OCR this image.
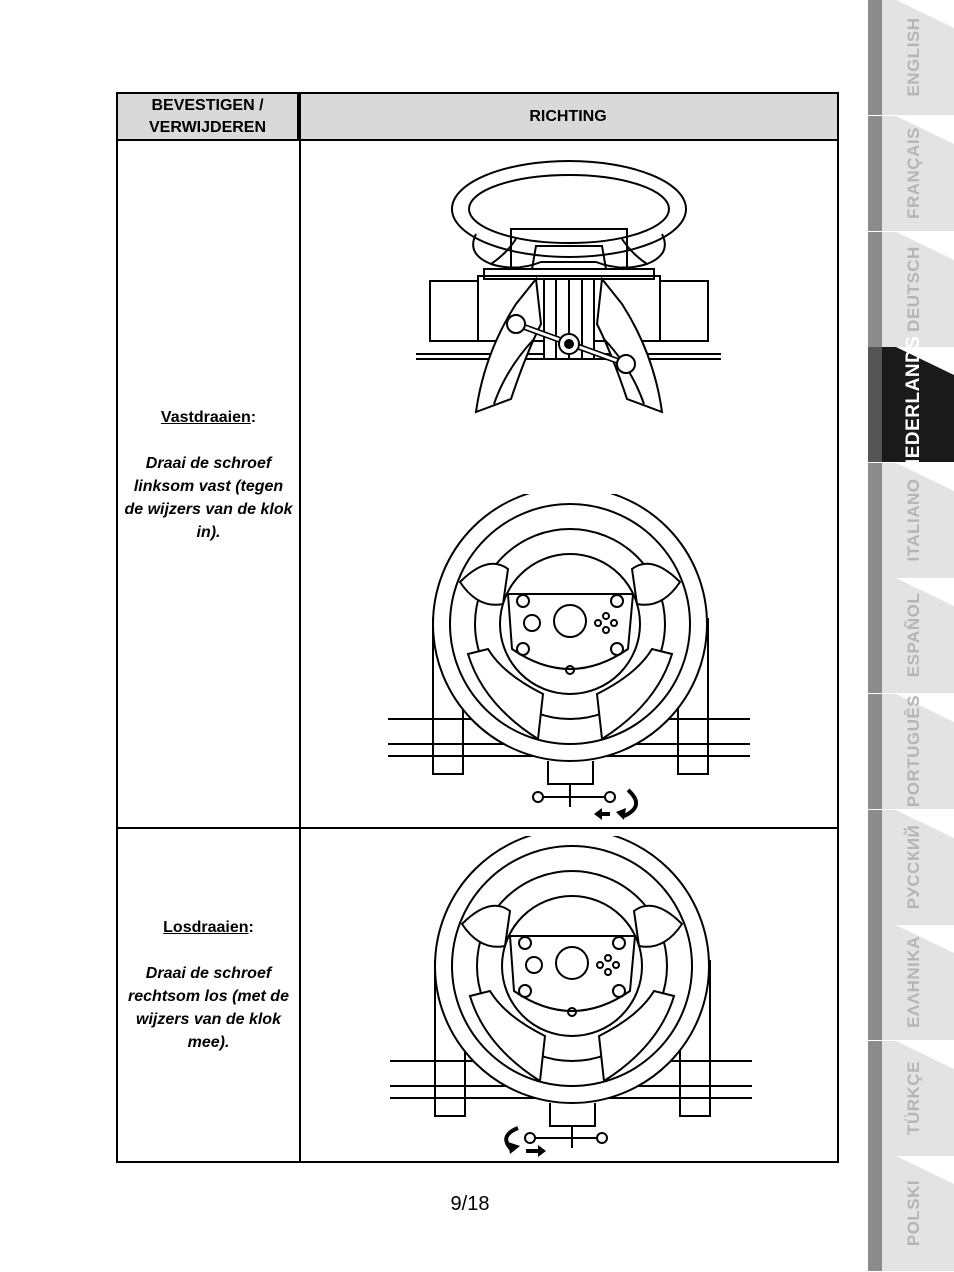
BEVESTIGEN / VERWIJDEREN
RICHTING
Vastdraaien:
Draai de schroef linksom vast (tegen de wijzers van de klok in).
Losdraaien:
Draai de schroef rechtsom los (met de wijzers van de klok mee).
9/18
ENGLISH
FRANÇAIS
DEUTSCH
NEDERLANDS
ITALIANO
ESPAÑOL
PORTUGUÊS
РУССКИЙ
ΕΛΛΗΝΙΚΑ
TÜRKÇE
POLSKI
